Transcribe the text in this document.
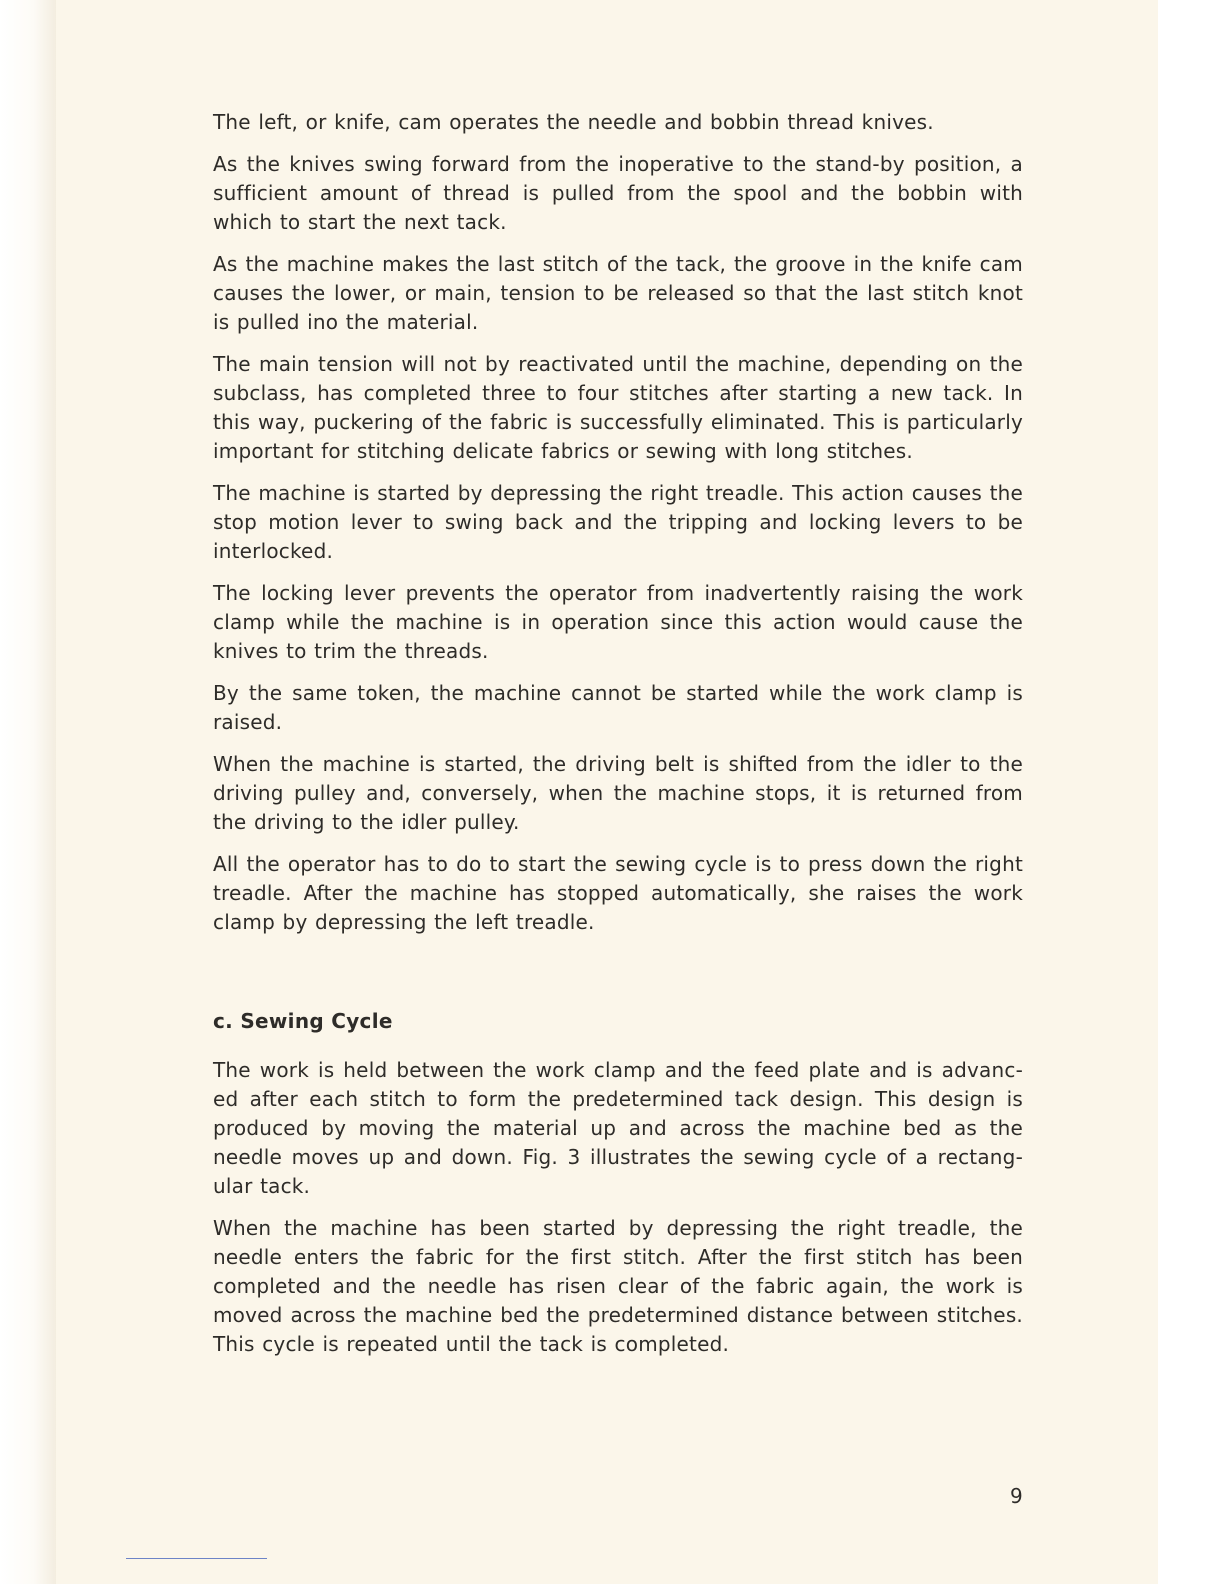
The left, or knife, cam operates the needle and bobbin thread knives.

As the knives swing forward from the inoperative to the stand-by position, a sufficient amount of thread is pulled from the spool and the bobbin with which to start the next tack.

As the machine makes the last stitch of the tack, the groove in the knife cam causes the lower, or main, tension to be released so that the last stitch knot is pulled ino the material.

The main tension will not by reactivated until the machine, depending on the subclass, has completed three to four stitches after starting a new tack. In this way, puckering of the fabric is successfully eliminated. This is particularly important for stitching delicate fabrics or sewing with long stitches.

The machine is started by depressing the right treadle. This action causes the stop motion lever to swing back and the tripping and locking levers to be interlocked.

The locking lever prevents the operator from inadvertently raising the work clamp while the machine is in operation since this action would cause the knives to trim the threads.

By the same token, the machine cannot be started while the work clamp is raised.

When the machine is started, the driving belt is shifted from the idler to the driving pulley and, conversely, when the machine stops, it is returned from the driving to the idler pulley.

All the operator has to do to start the sewing cycle is to press down the right treadle. After the machine has stopped automatically, she raises the work clamp by depressing the left treadle.

c. Sewing Cycle

The work is held between the work clamp and the feed plate and is advanc-ed after each stitch to form the predetermined tack design. This design is produced by moving the material up and across the machine bed as the needle moves up and down. Fig. 3 illustrates the sewing cycle of a rectang-ular tack.

When the machine has been started by depressing the right treadle, the needle enters the fabric for the first stitch. After the first stitch has been completed and the needle has risen clear of the fabric again, the work is moved across the machine bed the predetermined distance between stitches. This cycle is repeated until the tack is completed.

9
